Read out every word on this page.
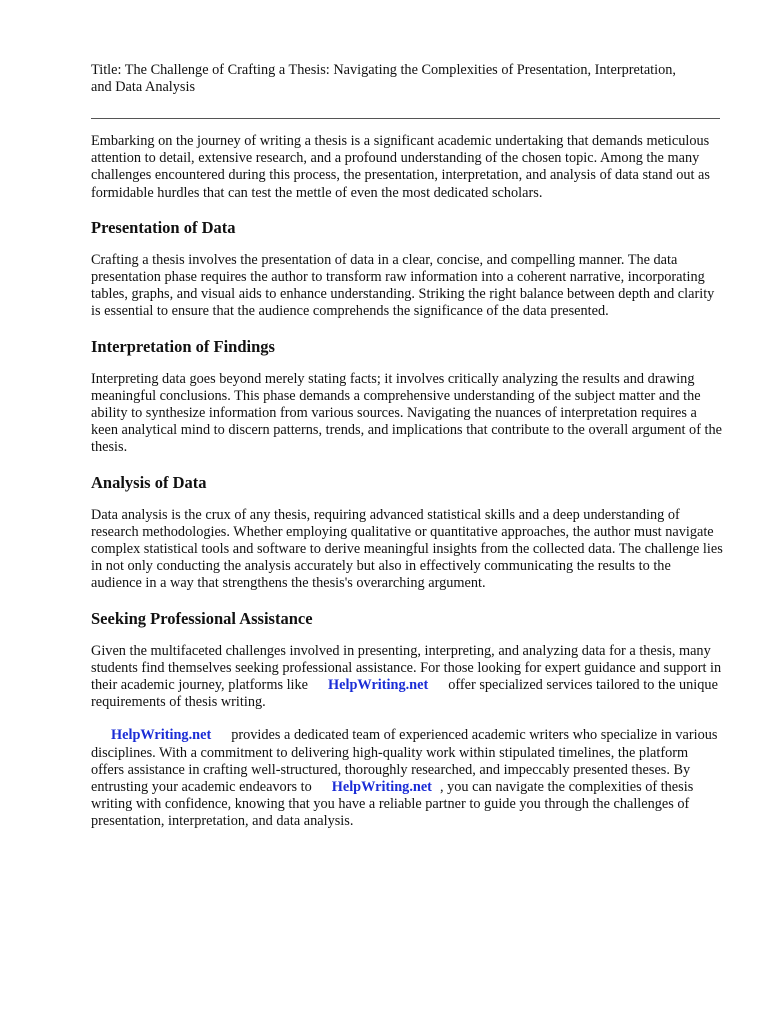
Title: The Challenge of Crafting a Thesis: Navigating the Complexities of Presentation, Interpretation, and Data Analysis

Embarking on the journey of writing a thesis is a significant academic undertaking that demands meticulous attention to detail, extensive research, and a profound understanding of the chosen topic. Among the many challenges encountered during this process, the presentation, interpretation, and analysis of data stand out as formidable hurdles that can test the mettle of even the most dedicated scholars.

Presentation of Data

Crafting a thesis involves the presentation of data in a clear, concise, and compelling manner. The data presentation phase requires the author to transform raw information into a coherent narrative, incorporating tables, graphs, and visual aids to enhance understanding. Striking the right balance between depth and clarity is essential to ensure that the audience comprehends the significance of the data presented.

Interpretation of Findings

Interpreting data goes beyond merely stating facts; it involves critically analyzing the results and drawing meaningful conclusions. This phase demands a comprehensive understanding of the subject matter and the ability to synthesize information from various sources. Navigating the nuances of interpretation requires a keen analytical mind to discern patterns, trends, and implications that contribute to the overall argument of the thesis.

Analysis of Data

Data analysis is the crux of any thesis, requiring advanced statistical skills and a deep understanding of research methodologies. Whether employing qualitative or quantitative approaches, the author must navigate complex statistical tools and software to derive meaningful insights from the collected data. The challenge lies in not only conducting the analysis accurately but also in effectively communicating the results to the audience in a way that strengthens the thesis's overarching argument.

Seeking Professional Assistance

Given the multifaceted challenges involved in presenting, interpreting, and analyzing data for a thesis, many students find themselves seeking professional assistance. For those looking for expert guidance and support in their academic journey, platforms like HelpWriting.net offer specialized services tailored to the unique requirements of thesis writing.

HelpWriting.net provides a dedicated team of experienced academic writers who specialize in various disciplines. With a commitment to delivering high-quality work within stipulated timelines, the platform offers assistance in crafting well-structured, thoroughly researched, and impeccably presented theses. By entrusting your academic endeavors to HelpWriting.net , you can navigate the complexities of thesis writing with confidence, knowing that you have a reliable partner to guide you through the challenges of presentation, interpretation, and data analysis.
